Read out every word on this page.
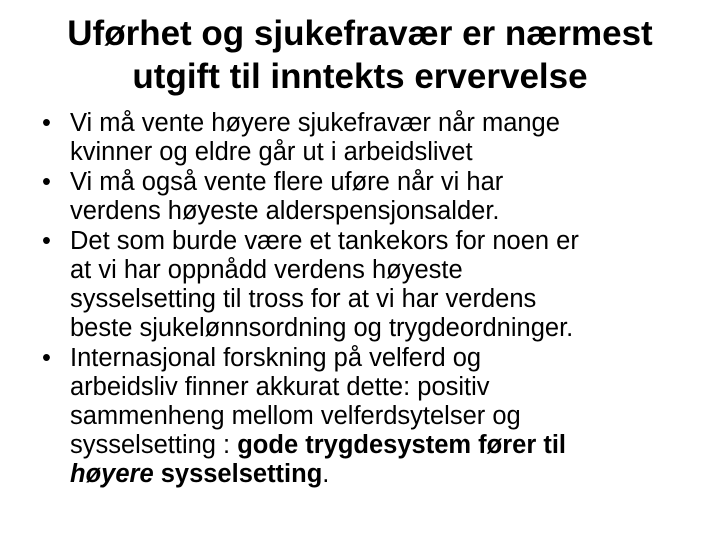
Uførhet og sjukefravær er nærmest
utgift til inntekts ervervelse
• Vi må vente høyere sjukefravær når mange
kvinner og eldre går ut i arbeidslivet
• Vi må også vente flere uføre når vi har
verdens høyeste alderspensjonsalder.
• Det som burde være et tankekors for noen er
at vi har oppnådd verdens høyeste
sysselsetting til tross for at vi har verdens
beste sjukelønnsordning og trygdeordninger.
• Internasjonal forskning på velferd og
arbeidsliv finner akkurat dette: positiv
sammenheng mellom velferdsytelser og
sysselsetting : gode trygdesystem fører til
høyere sysselsetting.
